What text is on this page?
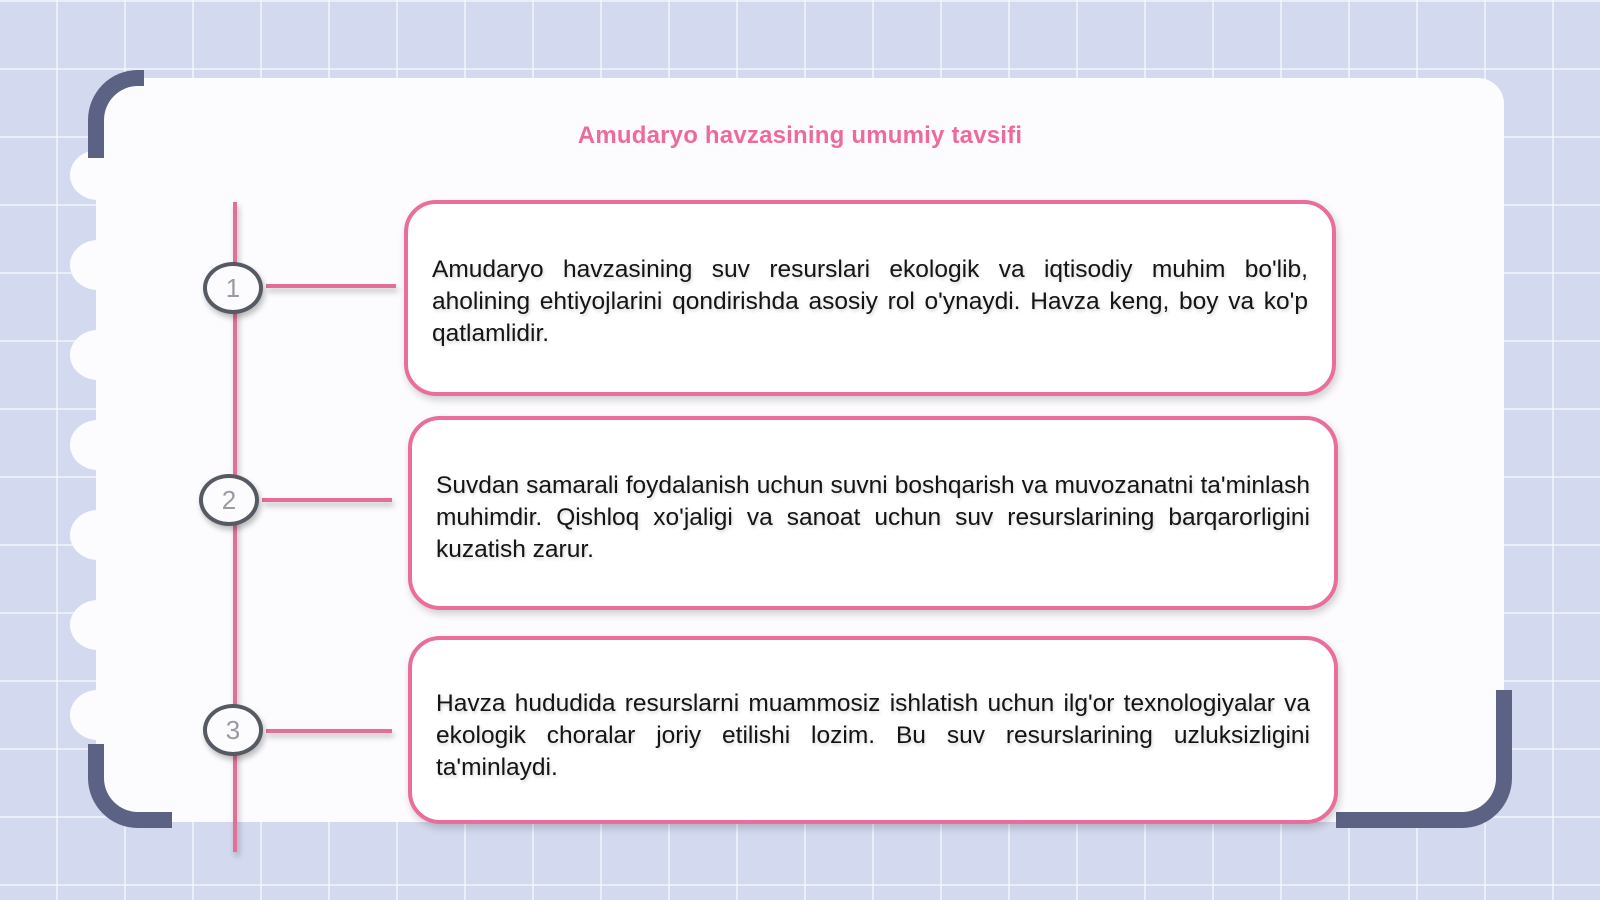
Amudaryo havzasining umumiy tavsifi
1
Amudaryo havzasining suv resurslari ekologik va iqtisodiy muhim bo'lib, aholining ehtiyojlarini qondirishda asosiy rol o'ynaydi. Havza keng, boy va ko'p qatlamlidir.
2	Suvdan samarali foydalanish uchun suvni boshqarish va muvozanatni ta'minlash muhimdir. Qishloq xo'jaligi va sanoat uchun suv resurslarining barqarorligini kuzatish zarur.
3
Havza hududida resurslarni muammosiz ishlatish uchun ilg'or texnologiyalar va ekologik choralar joriy etilishi lozim. Bu suv resurslarining uzluksizligini ta'minlaydi.
